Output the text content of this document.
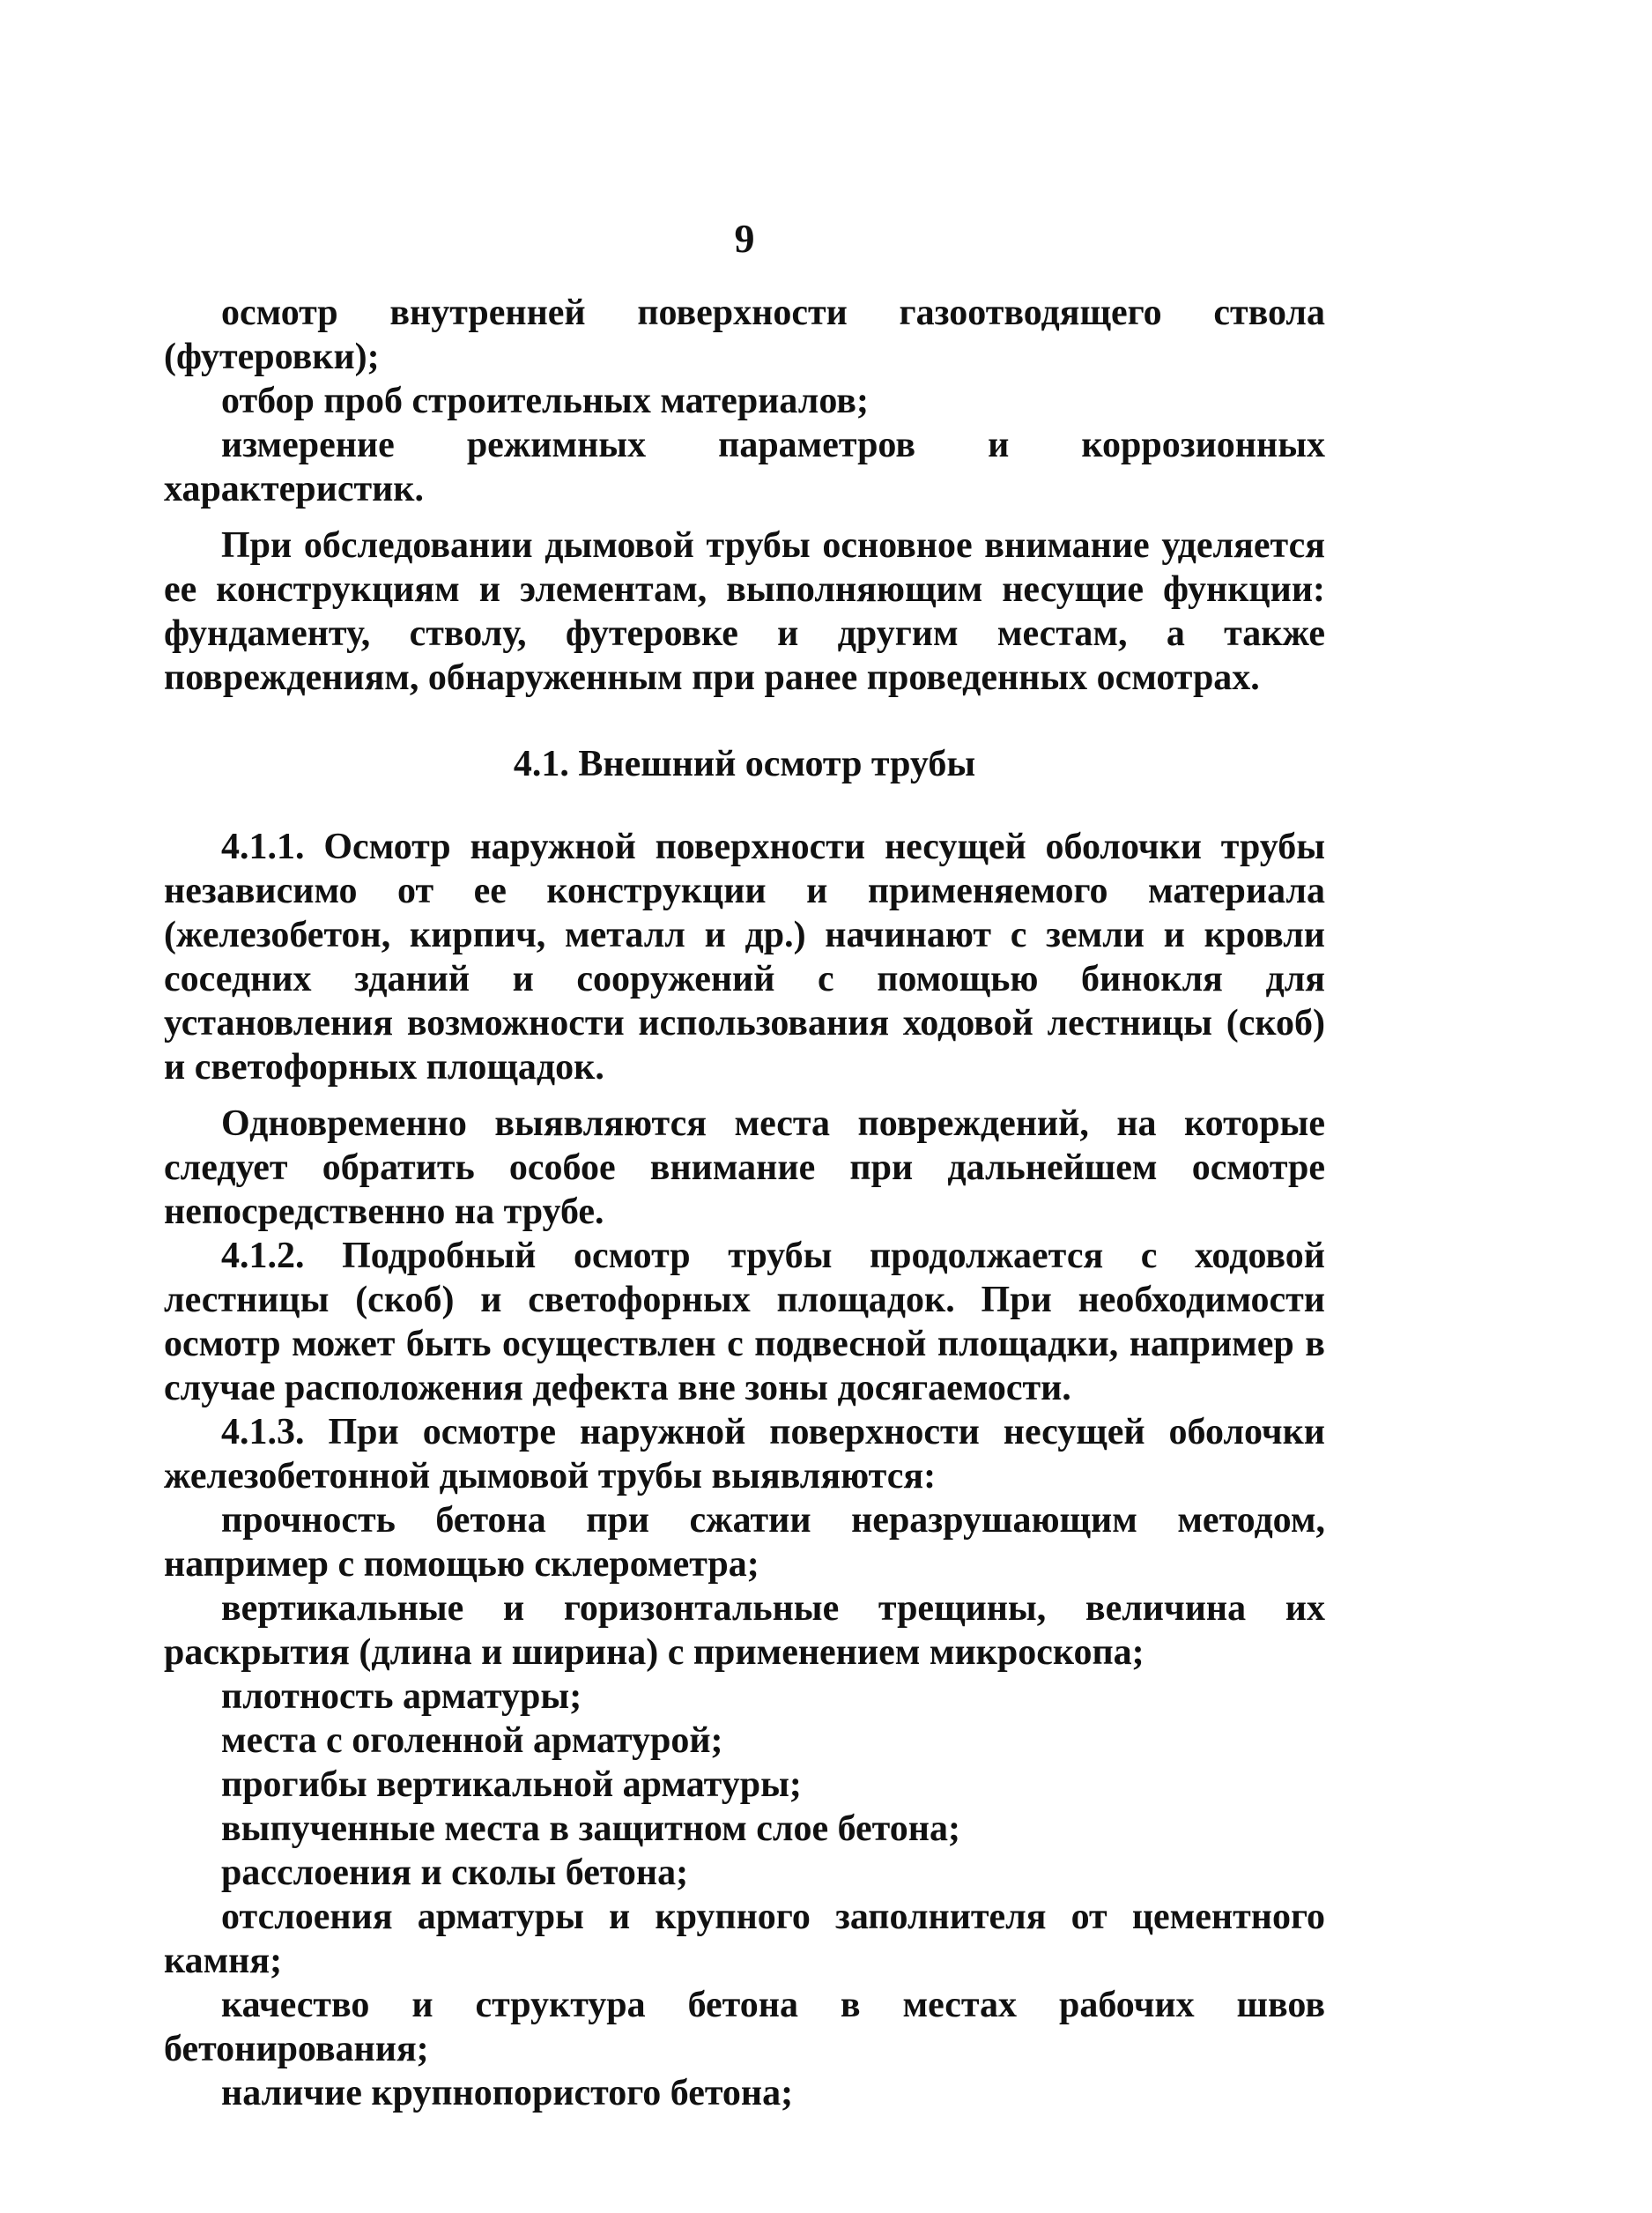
9

осмотр внутренней поверхности газоотводящего ствола (футеровки);

отбор проб строительных материалов;

измерение режимных параметров и коррозионных характеристик.

При обследовании дымовой трубы основное внимание уделяется ее конструкциям и элементам, выполняющим несущие функции: фундаменту, стволу, футеровке и другим местам, а также повреждениям, обнаруженным при ранее проведенных осмотрах.

4.1. Внешний осмотр трубы

4.1.1. Осмотр наружной поверхности несущей оболочки трубы независимо от ее конструкции и применяемого материала (железобетон, кирпич, металл и др.) начинают с земли и кровли соседних зданий и сооружений с помощью бинокля для установления возможности использования ходовой лестницы (скоб) и светофорных площадок.

Одновременно выявляются места повреждений, на которые следует обратить особое внимание при дальнейшем осмотре непосредственно на трубе.

4.1.2. Подробный осмотр трубы продолжается с ходовой лестницы (скоб) и светофорных площадок. При необходимости осмотр может быть осуществлен с подвесной площадки, например в случае расположения дефекта вне зоны досягаемости.

4.1.3. При осмотре наружной поверхности несущей оболочки железобетонной дымовой трубы выявляются:

прочность бетона при сжатии неразрушающим методом, например с помощью склерометра;

вертикальные и горизонтальные трещины, величина их раскрытия (длина и ширина) с применением микроскопа;

плотность арматуры;

места с оголенной арматурой;

прогибы вертикальной арматуры;

выпученные места в защитном слое бетона;

расслоения и сколы бетона;

отслоения арматуры и крупного заполнителя от цементного камня;

качество и структура бетона в местах рабочих швов бетонирования;

наличие крупнопористого бетона;
